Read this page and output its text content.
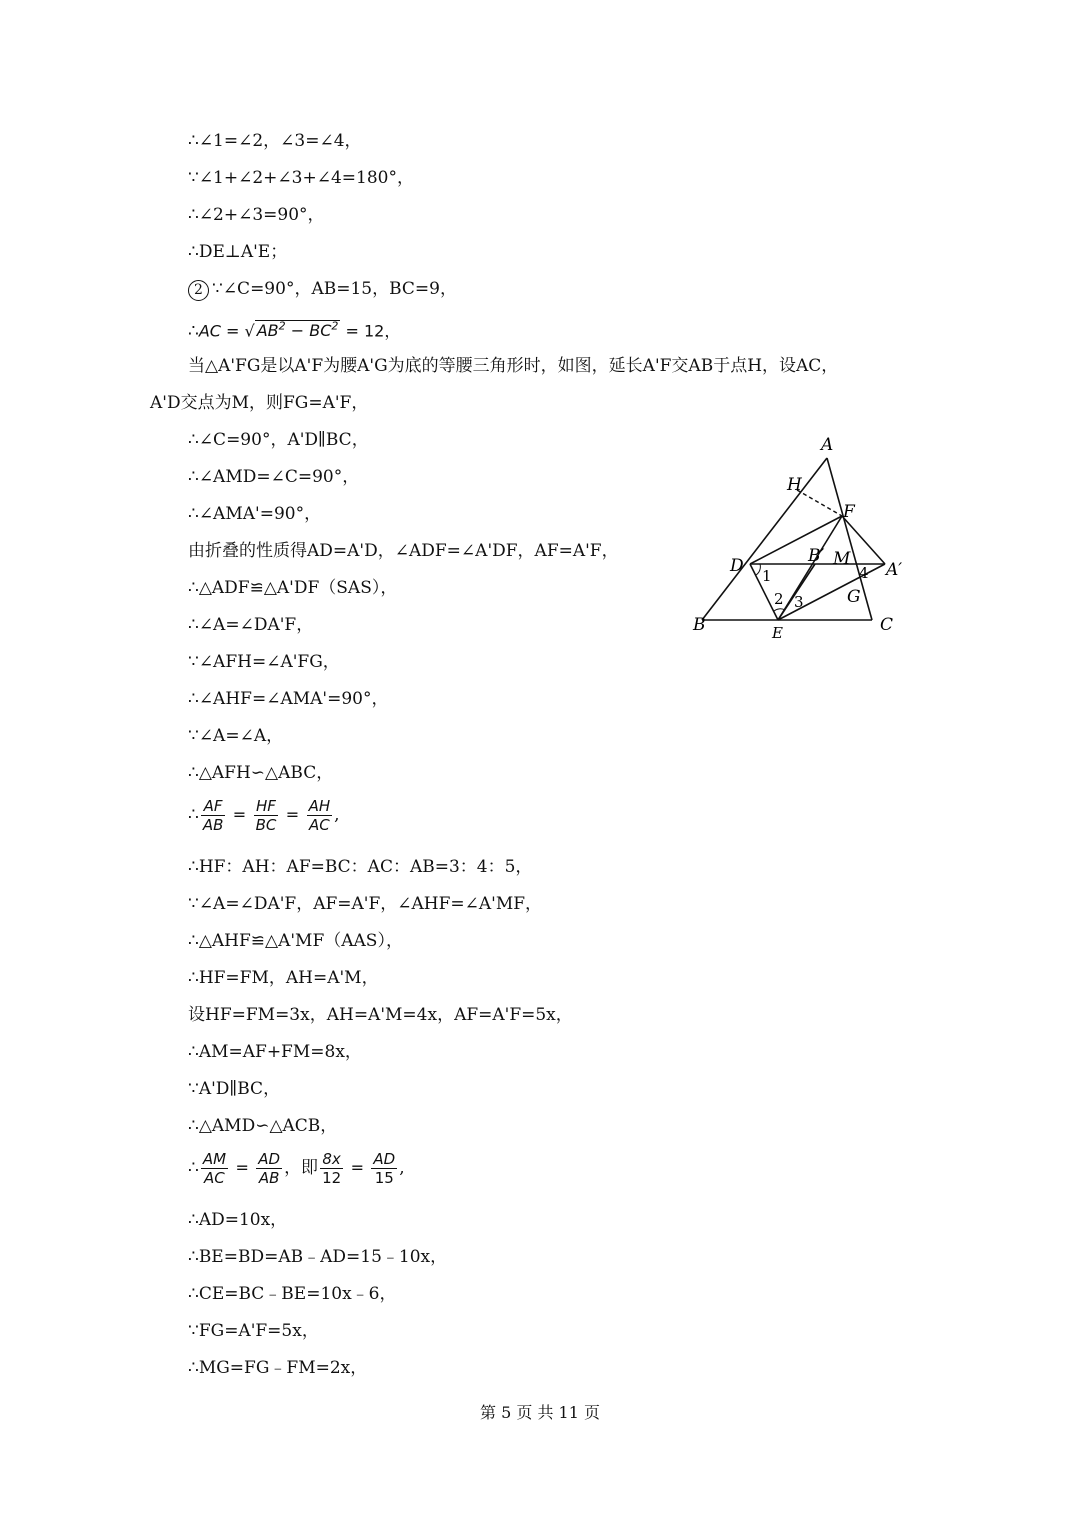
∴∠1=∠2，∠3=∠4，
∵∠1+∠2+∠3+∠4=180°，
∴∠2+∠3=90°，
∴DE⊥A'E；
2 ∵∠C=90°，AB=15，BC=9，
∴AC = √ $AB^2 - BC^2 = 12$，
当△A'FG是以A'F为腰A'G为底的等腰三角形时，如图，延长A'F交AB于点H，设AC，
A'D交点为M，则FG=A'F，
∴∠C=90°，A'D∥BC，
∴∠AMD=∠C=90°，
∴∠AMA'=90°，
由折叠的性质得AD=A'D，∠ADF=∠A'DF，AF=A'F，
∴△ADF≌△A'DF（SAS），
∴∠A=∠DA'F，
∵∠AFH=∠A'FG，
∴∠AHF=∠AMA'=90°，
∵∠A=∠A，
∴△AFH∽△ABC，
∴ $\frac{AF}{AB} = \frac{HF}{BC} = \frac{AH}{AC}$ ,
∴HF：AH：AF=BC：AC：AB=3：4：5，
∵∠A=∠DA'F，AF=A'F，∠AHF=∠A'MF，
∴△AHF≌△A'MF（AAS），
∴HF=FM，AH=A'M，
设HF=FM=3x，AH=A'M=4x，AF=A'F=5x，
∴AM=AF+FM=8x，
∵A'D∥BC，
∴△AMD∽△ACB，
∴ $\frac{AM}{AC} = \frac{AD}{AB}$ ，即 $\frac{8x}{12} = \frac{AD}{15}$ ,
∴AD=10x，
∴BE=BD=AB﹣AD=15﹣10x，
∴CE=BC﹣BE=10x﹣6，
∵FG=A'F=5x，
∴MG=FG﹣FM=2x，
A
H
F
D	B′ M
A′
1
2 3
4
G
B	E	C
第 5 页 共 11 页
